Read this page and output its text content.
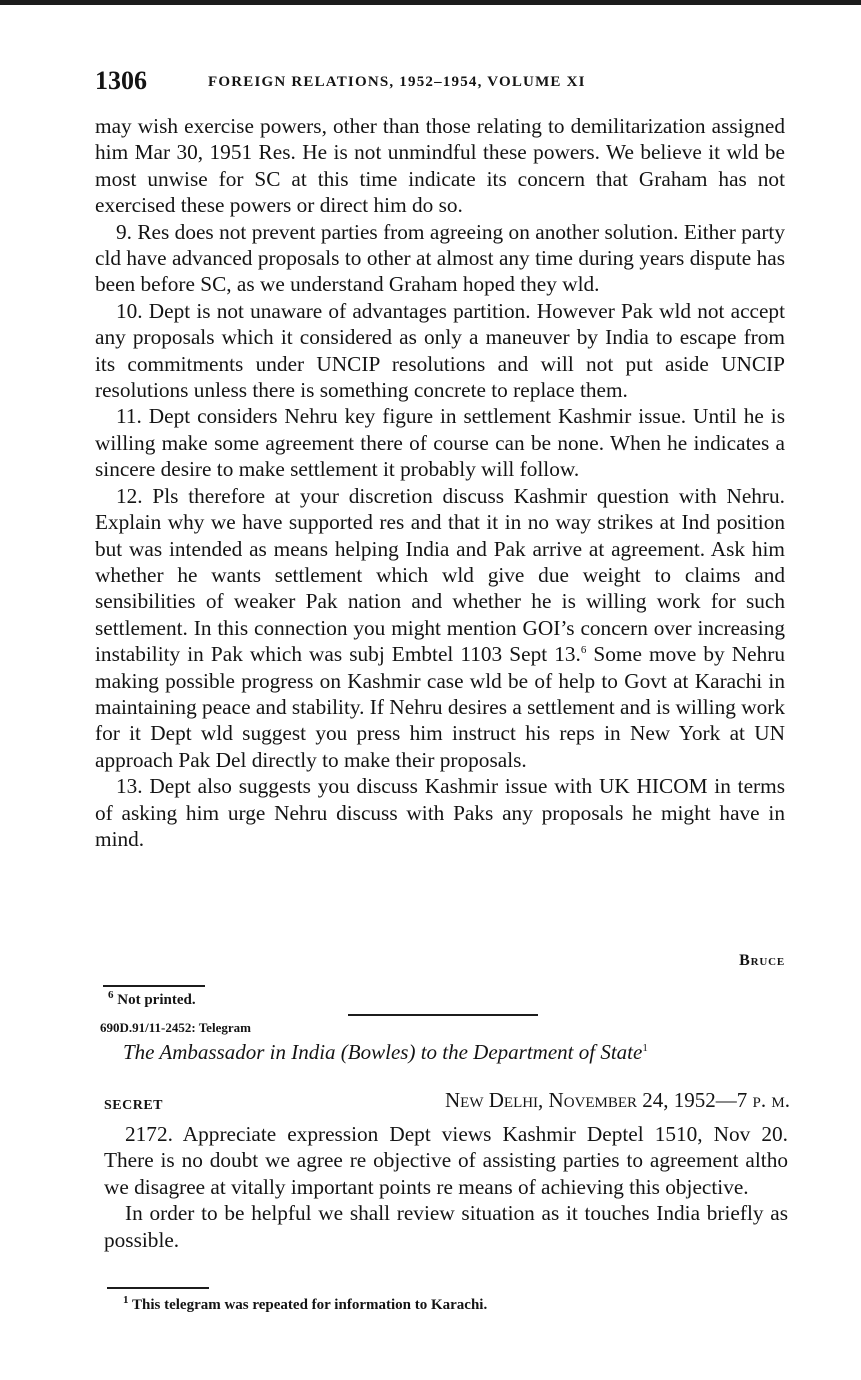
1306	FOREIGN RELATIONS, 1952–1954, VOLUME XI

may wish exercise powers, other than those relating to demilitarization assigned him Mar 30, 1951 Res. He is not unmindful these powers. We believe it wld be most unwise for SC at this time indicate its concern that Graham has not exercised these powers or direct him do so.

9. Res does not prevent parties from agreeing on another solution. Either party cld have advanced proposals to other at almost any time during years dispute has been before SC, as we understand Graham hoped they wld.

10. Dept is not unaware of advantages partition. However Pak wld not accept any proposals which it considered as only a maneuver by India to escape from its commitments under UNCIP resolutions and will not put aside UNCIP resolutions unless there is something concrete to replace them.

11. Dept considers Nehru key figure in settlement Kashmir issue. Until he is willing make some agreement there of course can be none. When he indicates a sincere desire to make settlement it probably will follow.

12. Pls therefore at your discretion discuss Kashmir question with Nehru. Explain why we have supported res and that it in no way strikes at Ind position but was intended as means helping India and Pak arrive at agreement. Ask him whether he wants settlement which wld give due weight to claims and sensibilities of weaker Pak nation and whether he is willing work for such settlement. In this connection you might mention GOI’s concern over increasing instability in Pak which was subj Embtel 1103 Sept 13.$^6$ Some move by Nehru making possible progress on Kashmir case wld be of help to Govt at Karachi in maintaining peace and stability. If Nehru desires a settlement and is willing work for it Dept wld suggest you press him instruct his reps in New York at UN approach Pak Del directly to make their proposals.

13. Dept also suggests you discuss Kashmir issue with UK HICOM in terms of asking him urge Nehru discuss with Paks any proposals he might have in mind.

Bruce
$^6$ Not printed.
690D.91/11-2452: Telegram
The Ambassador in India (Bowles) to the Department of State$^1$
SECRET	New Delhi, November 24, 1952—7 p. m.

2172. Appreciate expression Dept views Kashmir Deptel 1510, Nov 20. There is no doubt we agree re objective of assisting parties to agreement altho we disagree at vitally important points re means of achieving this objective.

In order to be helpful we shall review situation as it touches India briefly as possible.

$^1$ This telegram was repeated for information to Karachi.
